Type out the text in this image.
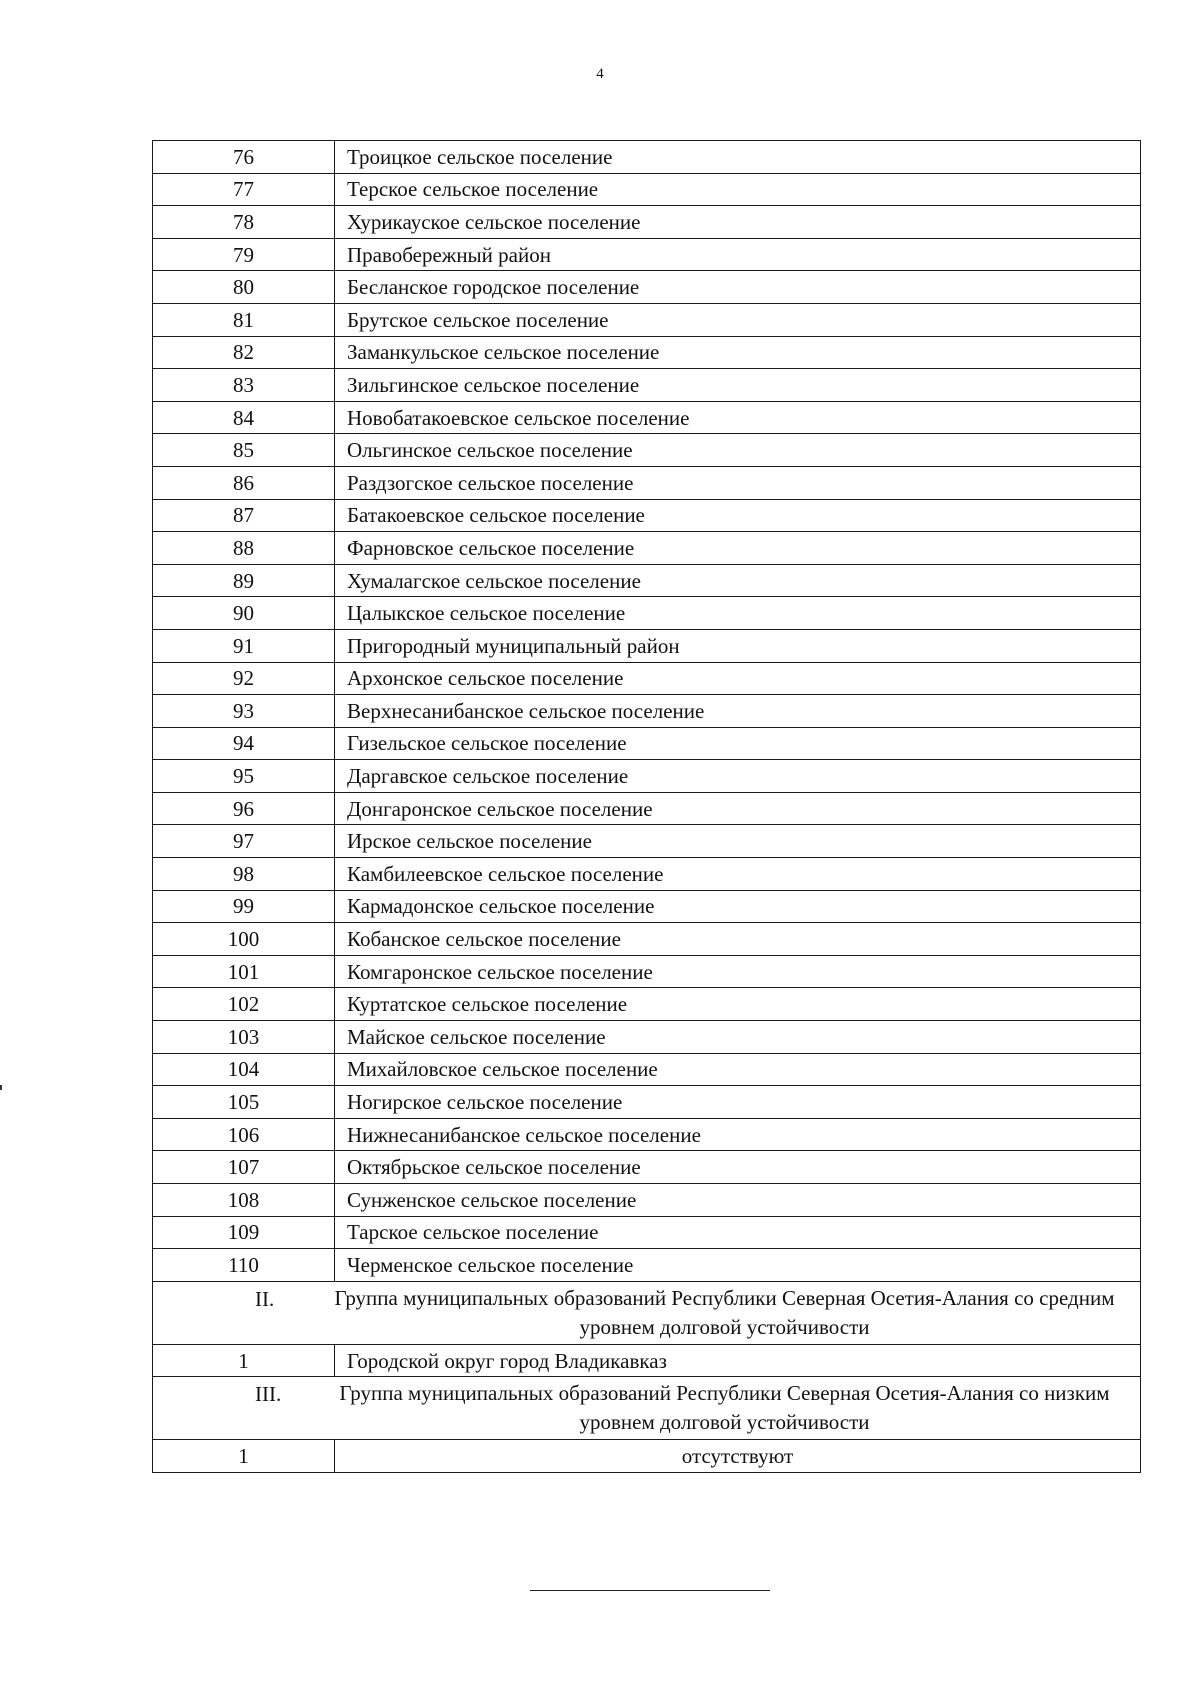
4
76	Троицкое сельское поселение
77	Терское сельское поселение
78	Хурикауское сельское поселение
79	Правобережный район
80	Бесланское городское поселение
81	Брутское сельское поселение
82	Заманкульское сельское поселение
83	Зильгинское сельское поселение
84	Новобатакоевское сельское поселение
85	Ольгинское сельское поселение
86	Раздзогское сельское поселение
87	Батакоевское сельское поселение
88	Фарновское сельское поселение
89	Хумалагское сельское поселение
90	Цалыкское сельское поселение
91	Пригородный муниципальный район
92	Архонское сельское поселение
93	Верхнесанибанское сельское поселение
94	Гизельское сельское поселение
95	Даргавское сельское поселение
96	Донгаронское сельское поселение
97	Ирское сельское поселение
98	Камбилеевское сельское поселение
99	Кармадонское сельское поселение
100	Кобанское сельское поселение
101	Комгаронское сельское поселение
102	Куртатское сельское поселение
103	Майское сельское поселение
104	Михайловское сельское поселение
105	Ногирское сельское поселение
106	Нижнесанибанское сельское поселение
107	Октябрьское сельское поселение
108	Сунженское сельское поселение
109	Тарское сельское поселение
110	Черменское сельское поселение

II. Группа муниципальных образований Республики Северная Осетия-Алания со средним уровнем долговой устойчивости	

1	Городской округ город Владикавказ

III. Группа муниципальных образований Республики Северная Осетия-Алания со низким уровнем долговой устойчивости	

1	отсутствуют
